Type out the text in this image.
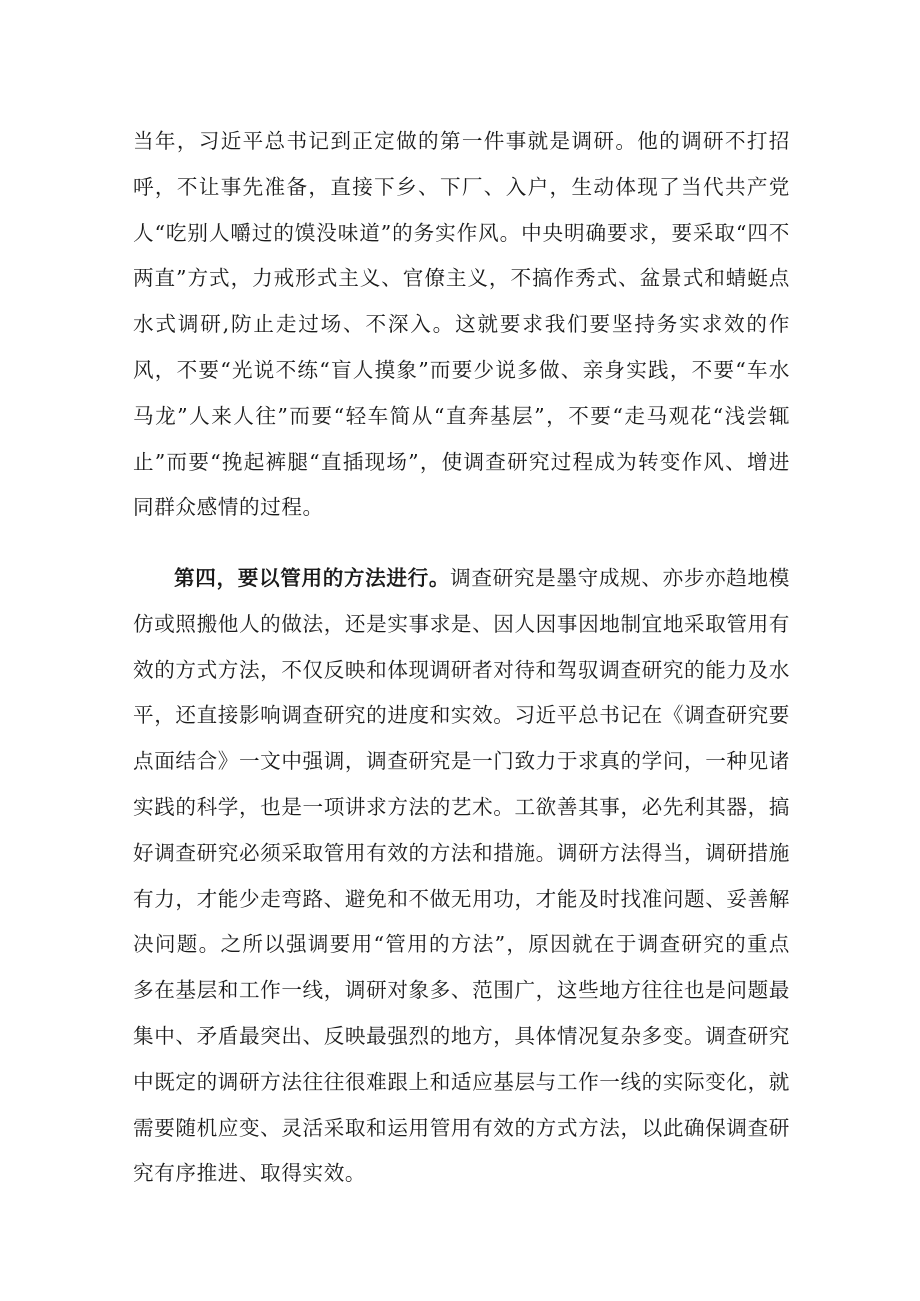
当年，习近平总书记到正定做的第一件事就是调研。他的调研不打招呼，不让事先准备，直接下乡、下厂、入户，生动体现了当代共产党人“吃别人嚼过的馍没味道”的务实作风。中央明确要求，要采取“四不两直”方式，力戒形式主义、官僚主义，不搞作秀式、盆景式和蜻蜓点水式调研,防止走过场、不深入。这就要求我们要坚持务实求效的作风，不要“光说不练“盲人摸象”而要少说多做、亲身实践，不要“车水马龙”人来人往”而要“轻车简从“直奔基层”，不要“走马观花“浅尝辄止”而要“挽起裤腿“直插现场”，使调查研究过程成为转变作风、增进同群众感情的过程。

第四，要以管用的方法进行。调查研究是墨守成规、亦步亦趋地模仿或照搬他人的做法，还是实事求是、因人因事因地制宜地采取管用有效的方式方法，不仅反映和体现调研者对待和驾驭调查研究的能力及水平，还直接影响调查研究的进度和实效。习近平总书记在《调查研究要点面结合》一文中强调，调查研究是一门致力于求真的学问，一种见诸实践的科学，也是一项讲求方法的艺术。工欲善其事，必先利其器，搞好调查研究必须采取管用有效的方法和措施。调研方法得当，调研措施有力，才能少走弯路、避免和不做无用功，才能及时找准问题、妥善解决问题。之所以强调要用“管用的方法”，原因就在于调查研究的重点多在基层和工作一线，调研对象多、范围广，这些地方往往也是问题最集中、矛盾最突出、反映最强烈的地方，具体情况复杂多变。调查研究中既定的调研方法往往很难跟上和适应基层与工作一线的实际变化，就需要随机应变、灵活采取和运用管用有效的方式方法，以此确保调查研究有序推进、取得实效。
